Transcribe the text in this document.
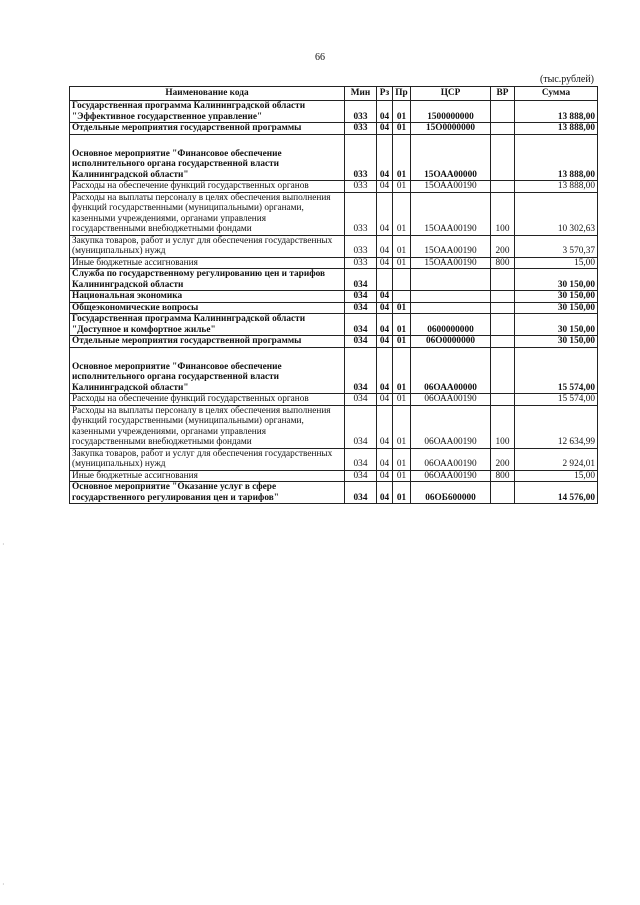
66
(тыс.рублей)
Наименование кода	Мин	Рз	Пр	ЦСР	ВР	Сумма
Государственная программа Калининградской области "Эффективное государственное управление"	033	04	01	1500000000		13 888,00
Отдельные мероприятия государственной программы	033	04	01	15О0000000		13 888,00
Основное мероприятие "Финансовое обеспечение исполнительного органа государственной власти Калининградской области"	033	04	01	15ОАА00000		13 888,00
Расходы на обеспечение функций государственных органов	033	04	01	15ОАА00190		13 888,00
Расходы на выплаты персоналу в целях обеспечения выполнения функций государственными (муниципальными) органами, казенными учреждениями, органами управления государственными внебюджетными фондами	033	04	01	15ОАА00190	100	10 302,63
Закупка товаров, работ и услуг для обеспечения государственных (муниципальных) нужд	033	04	01	15ОАА00190	200	3 570,37
Иные бюджетные ассигнования	033	04	01	15ОАА00190	800	15,00
Служба по государственному регулированию цен и тарифов Калининградской области	034					30 150,00
Национальная экономика	034	04				30 150,00
Общеэкономические вопросы	034	04	01			30 150,00
Государственная программа Калининградской области "Доступное и комфортное жилье"	034	04	01	0600000000		30 150,00
Отдельные мероприятия государственной программы	034	04	01	06О0000000		30 150,00
Основное мероприятие "Финансовое обеспечение исполнительного органа государственной власти Калининградской области"	034	04	01	06ОАА00000		15 574,00
Расходы на обеспечение функций государственных органов	034	04	01	06ОАА00190		15 574,00
Расходы на выплаты персоналу в целях обеспечения выполнения функций государственными (муниципальными) органами, казенными учреждениями, органами управления государственными внебюджетными фондами	034	04	01	06ОАА00190	100	12 634,99
Закупка товаров, работ и услуг для обеспечения государственных (муниципальных) нужд	034	04	01	06ОАА00190	200	2 924,01
Иные бюджетные ассигнования	034	04	01	06ОАА00190	800	15,00
Основное мероприятие "Оказание услуг в сфере государственного регулирования цен и тарифов"	034	04	01	06ОБ600000		14 576,00
·
·
